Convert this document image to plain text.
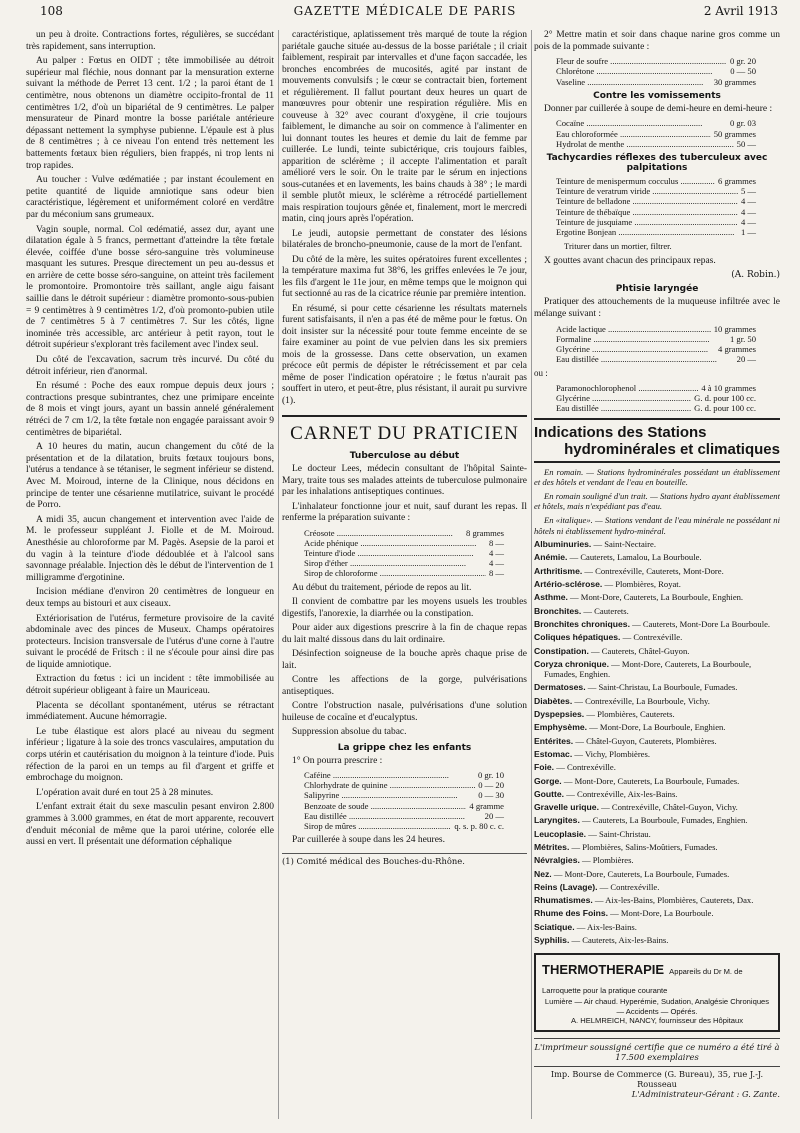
108	GAZETTE MÉDICALE DE PARIS	2 Avril 1913

un peu à droite. Contractions fortes, régulières, se succédant très rapidement, sans interruption.

Au palper : Fœtus en OIDT ; tête immobilisée au détroit supérieur mal fléchie, nous donnant par la mensuration externe suivant la méthode de Perret 13 cent. 1/2 ; la paroi étant de 1 centimètre, nous obtenons un diamètre occipito-frontal de 11 centimètres 1/2, d'où un bipariétal de 9 centimètres. Le palper mensurateur de Pinard montre la bosse pariétale antérieure dépassant nettement la symphyse pubienne. L'épaule est à plus de 8 centimètres ; à ce niveau l'on entend très nettement les battements fœtaux bien réguliers, bien frappés, ni trop lents ni trop rapides.

Au toucher : Vulve œdématiée ; par instant écoulement en petite quantité de liquide amniotique sans odeur bien caractéristique, légèrement et uniformément coloré en verdâtre par du méconium sans grumeaux.

Vagin souple, normal. Col œdématié, assez dur, ayant une dilatation égale à 5 francs, permettant d'atteindre la tête fœtale élevée, coiffée d'une bosse séro-sanguine très volumineuse masquant les sutures. Presque directement un peu au-dessus et en arrière de cette bosse séro-sanguine, on atteint très facilement le promontoire. Promontoire très saillant, angle aigu faisant saillie dans le détroit supérieur : diamètre promonto-sous-pubien = 9 centimètres à 9 centimètres 1/2, d'où promonto-pubien utile de 7 centimètres 5 à 7 centimètres 7. Sur les côtés, ligne inominée très accessible, arc antérieur à petit rayon, tout le détroit supérieur s'explorant très facilement avec l'index seul.

Du côté de l'excavation, sacrum très incurvé. Du côté du détroit inférieur, rien d'anormal.

En résumé : Poche des eaux rompue depuis deux jours ; contractions presque subintrantes, chez une primipare enceinte de 8 mois et vingt jours, ayant un bassin annelé généralement rétréci de 7 cm 1/2, la tête fœtale non engagée paraissant avoir 9 centimètres de bipariétal.

A 10 heures du matin, aucun changement du côté de la présentation et de la dilatation, bruits fœtaux toujours bons, l'utérus a tendance à se tétaniser, le segment inférieur se distend. Avec M. Moiroud, interne de la Clinique, nous décidons en principe de tenter une césarienne mutilatrice, suivant le procédé de Porro.

A midi 35, aucun changement et intervention avec l'aide de M. le professeur suppléant J. Fiolle et de M. Moiroud. Anesthésie au chloroforme par M. Pagès. Asepsie de la paroi et du vagin à la teinture d'iode dédoublée et à l'alcool sans savonnage préalable. Injection dès le début de l'intervention de 1 milligramme d'ergotinine.

Incision médiane d'environ 20 centimètres de longueur en deux temps au bistouri et aux ciseaux.

Extériorisation de l'utérus, fermeture provisoire de la cavité abdominale avec des pinces de Museux. Champs opératoires protecteurs. Incision transversale de l'utérus d'une corne à l'autre suivant le procédé de Fritsch : il ne s'écoule pour ainsi dire pas de liquide amniotique.

Extraction du fœtus : ici un incident : tête immobilisée au détroit supérieur obligeant à faire un Mauriceau.

Placenta se décollant spontanément, utérus se rétractant immédiatement. Aucune hémorragie.

Le tube élastique est alors placé au niveau du segment inférieur ; ligature à la soie des troncs vasculaires, amputation du corps utérin et cautérisation du moignon à la teinture d'iode. Puis réfection de la paroi en un temps au fil d'argent et griffe et embrochage du moignon.

L'opération avait duré en tout 25 à 28 minutes.

L'enfant extrait était du sexe masculin pesant environ 2.800 grammes à 3.000 grammes, en état de mort apparente, recouvert d'enduit méconial de même que la paroi utérine, colorée elle aussi en vert. Il présentait une déformation céphalique

caractéristique, aplatissement très marqué de toute la région pariétale gauche située au-dessus de la bosse pariétale ; il criait faiblement, respirait par intervalles et d'une façon saccadée, les bronches encombrées de mucosités, agité par instant de mouvements convulsifs ; le cœur se contractait bien, fortement et régulièrement. Il fallut pourtant deux heures un quart de manœuvres pour obtenir une respiration régulière. Mis en couveuse à 32° avec courant d'oxygène, il crie toujours faiblement, le dimanche au soir on commence à l'alimenter en lui donnant toutes les heures et demie du lait de femme par cuillerée. Le lundi, teinte subictérique, cris toujours faibles, apparition de sclérème ; il accepte l'alimentation et paraît amélioré vers le soir. On le traite par le sérum en injections sous-cutanées et en lavements, les bains chauds à 38° ; le mardi il semble plutôt mieux, le sclérème a rétrocédé partiellement mais respiration toujours gênée et, finalement, mort le mercredi matin, cinq jours après l'opération.

Le jeudi, autopsie permettant de constater des lésions bilatérales de broncho-pneumonie, cause de la mort de l'enfant.

Du côté de la mère, les suites opératoires furent excellentes ; la température maxima fut 38°6, les griffes enlevées le 7e jour, les fils d'argent le 11e jour, en même temps que le moignon qui fut sectionné au ras de la cicatrice réunie par première intention.

En résumé, si pour cette césarienne les résultats maternels furent satisfaisants, il n'en a pas été de même pour le fœtus. On doit insister sur la nécessité pour toute femme enceinte de se faire examiner au point de vue pelvien dans les six premiers mois de la grossesse. Dans cette observation, un examen précoce eût permis de dépister le rétrécissement et par cela même de poser l'indication opératoire ; le fœtus n'aurait pas souffert in utero, et peut-être, plus résistant, il aurait pu survivre (1).

CARNET DU PRATICIEN
Tuberculose au début

Le docteur Lees, médecin consultant de l'hôpital Sainte-Mary, traite tous ses malades atteints de tuberculose pulmonaire par les inhalations antiseptiques continues.

L'inhalateur fonctionne jour et nuit, sauf durant les repas. Il renferme la préparation suivante :

Créosote .....	8 grammes
Acide phénique .....	8 —
Teinture d'iode .....	4 —
Sirop d'éther .....	4 —
Sirop de chloroforme .....	8 —

Au début du traitement, période de repos au lit.

Il convient de combattre par les moyens usuels les troubles digestifs, l'anorexie, la diarrhée ou la constipation.

Pour aider aux digestions prescrire à la fin de chaque repas du lait malté dissous dans du lait ordinaire.

Désinfection soigneuse de la bouche après chaque prise de lait.

Contre les affections de la gorge, pulvérisations antiseptiques.

Contre l'obstruction nasale, pulvérisations d'une solution huileuse de cocaïne et d'eucalyptus.

Suppression absolue du tabac.

La grippe chez les enfants

1° On pourra prescrire :

Caféine .....	0 gr. 10
Chlorhydrate de quinine .....	0 — 20
Salipyrine .....	0 — 30
Benzoate de soude .....	4 gramme
Eau distillée .....	20 —
Sirop de mûres .....	q. s. p. 80 c. c.

Par cuillerée à soupe dans les 24 heures.

(1) Comité médical des Bouches-du-Rhône.

2° Mettre matin et soir dans chaque narine gros comme un pois de la pommade suivante :

Fleur de soufre .....	0 gr. 20
Chlorétone .....	0 — 50
Vaseline .....	30 grammes
Contre les vomissements

Donner par cuillerée à soupe de demi-heure en demi-heure :

Cocaïne .....	0 gr. 03
Eau chloroformée .....	50 grammes
Hydrolat de menthe .....	50 —
Tachycardies réflexes des tuberculeux avec palpitations
Teinture de menispermum cocculus .....	6 grammes
Teinture de veratrum viride .....	5 —
Teinture de belladone .....	4 —
Teinture de thébaïque .....	4 —
Teinture de jusquiame .....	4 —
Ergotine Bonjean .....	1 —

Triturer dans un mortier, filtrer.

X gouttes avant chacun des principaux repas.

(A. Robin.)
Phtisie laryngée

Pratiquer des attouchements de la muqueuse infiltrée avec le mélange suivant :

Acide lactique .....	10 grammes
Formaline .....	1 gr. 50
Glycérine .....	4 grammes
Eau distillée .....	20 —

ou :

Paramonochlorophenol .....	4 à 10 grammes
Glycérine .....	G. d. pour 100 cc.
Eau distillée .....	G. d. pour 100 cc.
Indications des Stations
hydrominérales et climatiques

En romain. — Stations hydrominérales possédant un établissement et des hôtels et vendant de l'eau en bouteille.

En romain souligné d'un trait. — Stations hydro ayant établissement et hôtels, mais n'expédiant pas d'eau.

En «italique». — Stations vendant de l'eau minérale ne possédant ni hôtels ni établissement hydro-minéral.

Albuminuries. — Saint-Nectaire.

Anémie. — Cauterets, Lamalou, La Bourboule.

Arthritisme. — Contrexéville, Cauterets, Mont-Dore.

Artério-sclérose. — Plombières, Royat.

Asthme. — Mont-Dore, Cauterets, La Bourboule, Enghien.

Bronchites. — Cauterets.

Bronchites chroniques. — Cauterets, Mont-Dore La Bourboule.

Coliques hépatiques. — Contrexéville.

Constipation. — Cauterets, Châtel-Guyon.

Coryza chronique. — Mont-Dore, Cauterets, La Bourboule, Fumades, Enghien.

Dermatoses. — Saint-Christau, La Bourboule, Fumades.

Diabètes. — Contrexéville, La Bourboule, Vichy.

Dyspepsies. — Plombières, Cauterets.

Emphysème. — Mont-Dore, La Bourboule, Enghien.

Entérites. — Châtel-Guyon, Cauterets, Plombières.

Estomac. — Vichy, Plombières.

Foie. — Contrexéville.

Gorge. — Mont-Dore, Cauterets, La Bourboule, Fumades.

Goutte. — Contrexéville, Aix-les-Bains.

Gravelle urique. — Contrexéville, Châtel-Guyon, Vichy.

Laryngites. — Cauterets, La Bourboule, Fumades, Enghien.

Leucoplasie. — Saint-Christau.

Métrites. — Plombières, Salins-Moûtiers, Fumades.

Névralgies. — Plombières.

Nez. — Mont-Dore, Cauterets, La Bourboule, Fumades.

Reins (Lavage). — Contrexéville.

Rhumatismes. — Aix-les-Bains, Plombières, Cauterets, Dax.

Rhume des Foins. — Mont-Dore, La Bourboule.

Sciatique. — Aix-les-Bains.

Syphilis. — Cauterets, Aix-les-Bains.

THERMOTHERAPIE Appareils du Dr M. de Larroquette pour la pratique courante
Lumière — Air chaud. Hyperémie, Sudation, Analgésie Chroniques — Accidents — Opérés.
A. HELMREICH, NANCY, fournisseur des Hôpitaux
L'imprimeur soussigné certifie que ce numéro a été tiré à 17.500 exemplaires
Imp. Bourse de Commerce (G. Bureau), 35, rue J.-J. Rousseau
L'Administrateur-Gérant : G. Zante.
